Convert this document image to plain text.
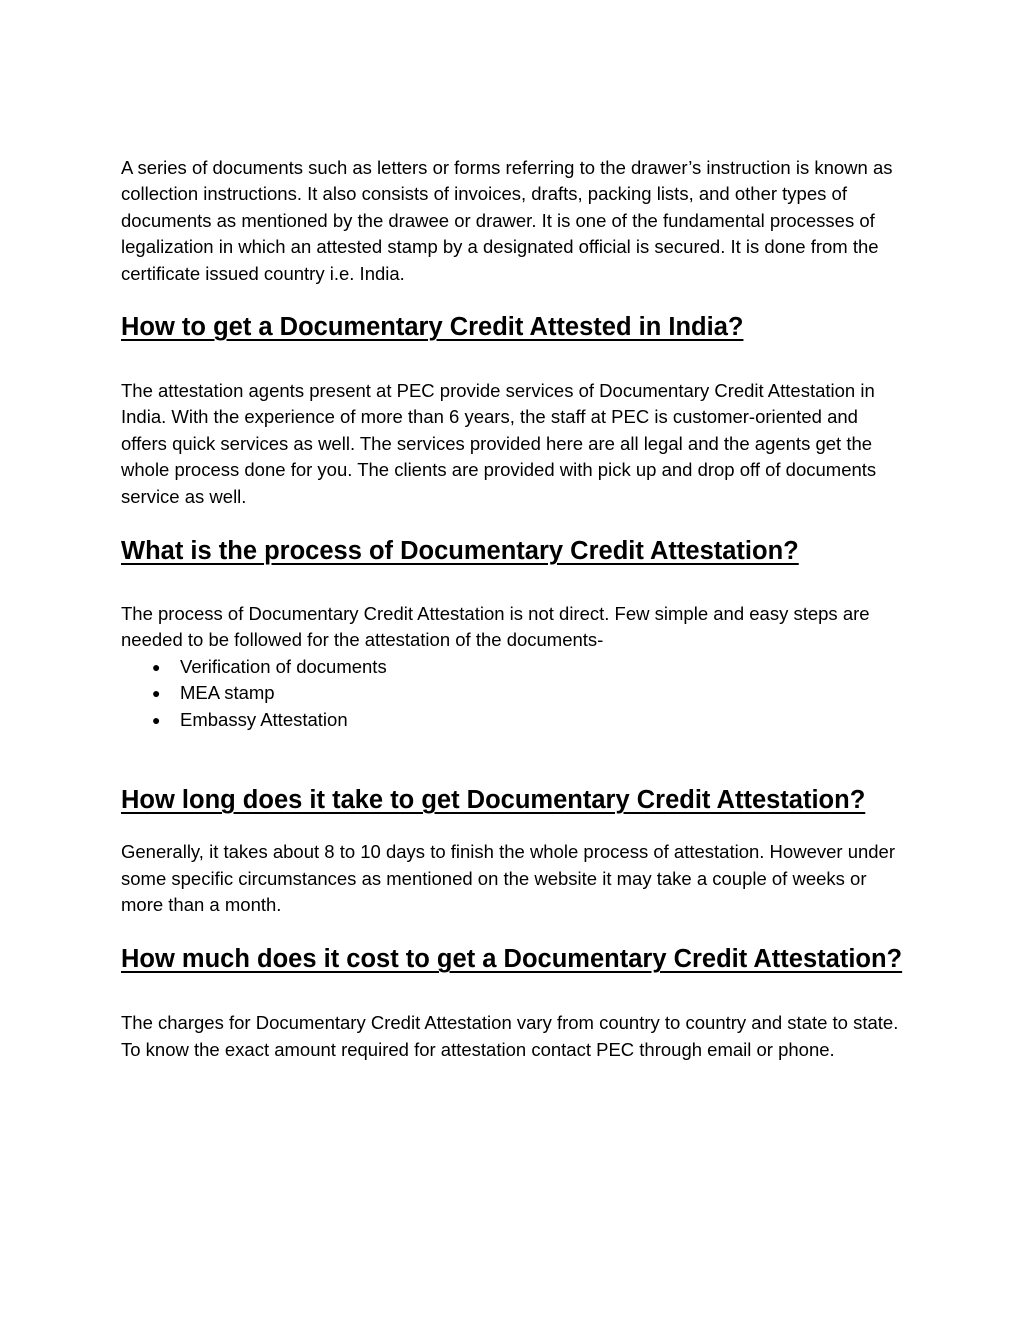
A series of documents such as letters or forms referring to the drawer’s instruction is known as collection instructions. It also consists of invoices, drafts, packing lists, and other types of documents as mentioned by the drawee or drawer. It is one of the fundamental processes of legalization in which an attested stamp by a designated official is secured. It is done from the certificate issued country i.e. India.

How to get a Documentary Credit Attested in India?

The attestation agents present at PEC provide services of Documentary Credit Attestation in India. With the experience of more than 6 years, the staff at PEC is customer-oriented and offers quick services as well. The services provided here are all legal and the agents get the whole process done for you. The clients are provided with pick up and drop off of documents service as well.

What is the process of Documentary Credit Attestation?

The process of Documentary Credit Attestation is not direct. Few simple and easy steps are needed to be followed for the attestation of the documents-

● Verification of documents
● MEA stamp
● Embassy Attestation
How long does it take to get Documentary Credit Attestation?

Generally, it takes about 8 to 10 days to finish the whole process of attestation. However under some specific circumstances as mentioned on the website it may take a couple of weeks or more than a month.

How much does it cost to get a Documentary Credit Attestation?

The charges for Documentary Credit Attestation vary from country to country and state to state. To know the exact amount required for attestation contact PEC through email or phone.
